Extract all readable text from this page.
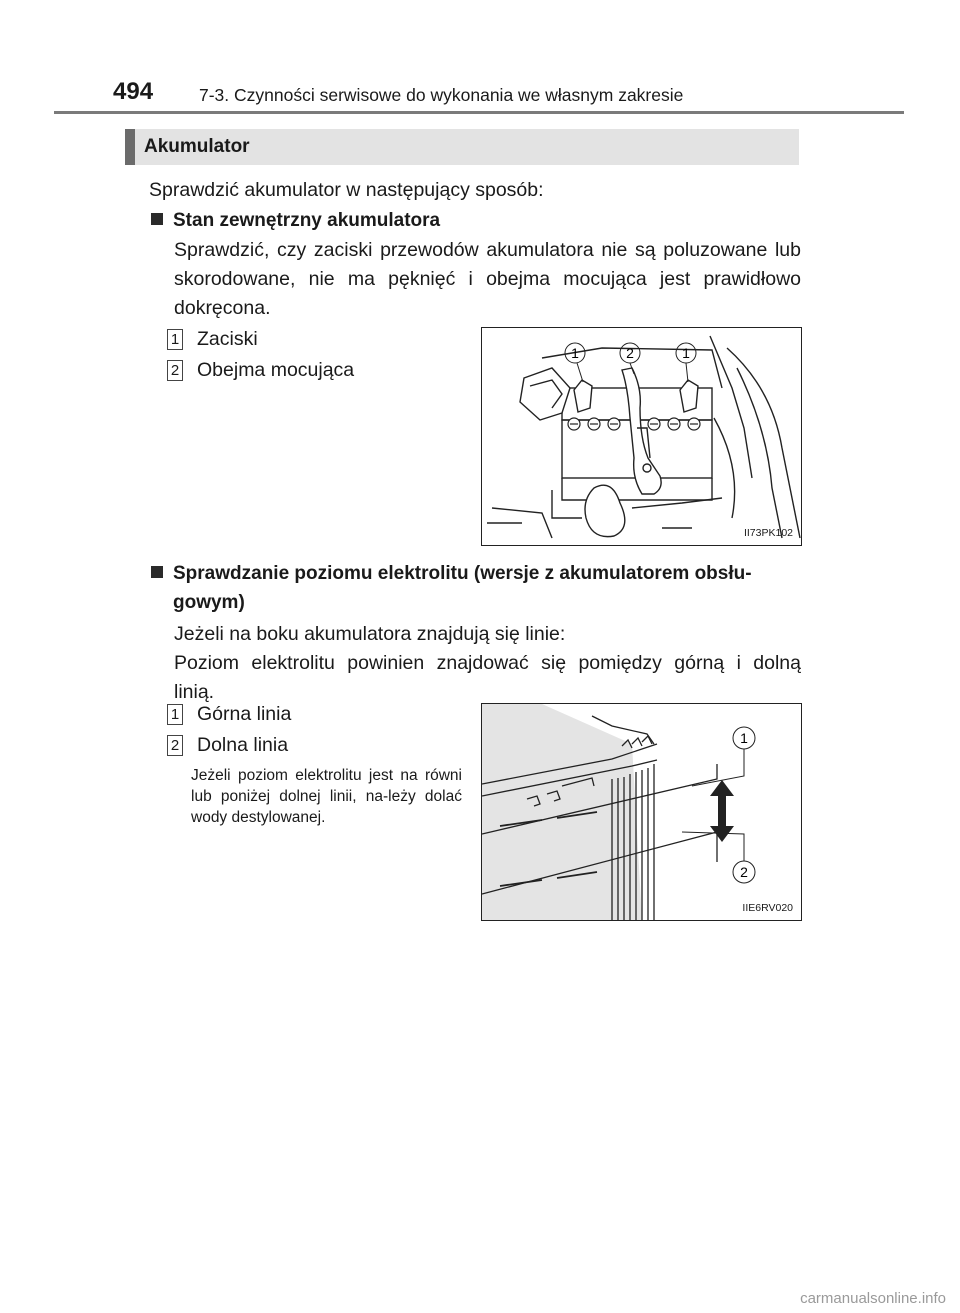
494	7-3. Czynności serwisowe do wykonania we własnym zakresie
Akumulator
Sprawdzić akumulator w następujący sposób:
Stan zewnętrzny akumulatora
Sprawdzić, czy zaciski przewodów akumulatora nie są poluzowane lub skorodowane, nie ma pęknięć i obejma mocująca jest prawidłowo dokręcona.
1 Zaciski
2 Obejma mocująca
1	2	1
II73PK102
Sprawdzanie poziomu elektrolitu (wersje z akumulatorem obsłu-
gowym)
Jeżeli na boku akumulatora znajdują się linie:
Poziom elektrolitu powinien znajdować się pomiędzy górną i dolną
linią.
1 Górna linia
2 Dolna linia
Jeżeli poziom elektrolitu jest na równi lub poniżej dolnej linii, na-leży dolać wody destylowanej.
1
2
IIE6RV020
carmanualsonline.info
